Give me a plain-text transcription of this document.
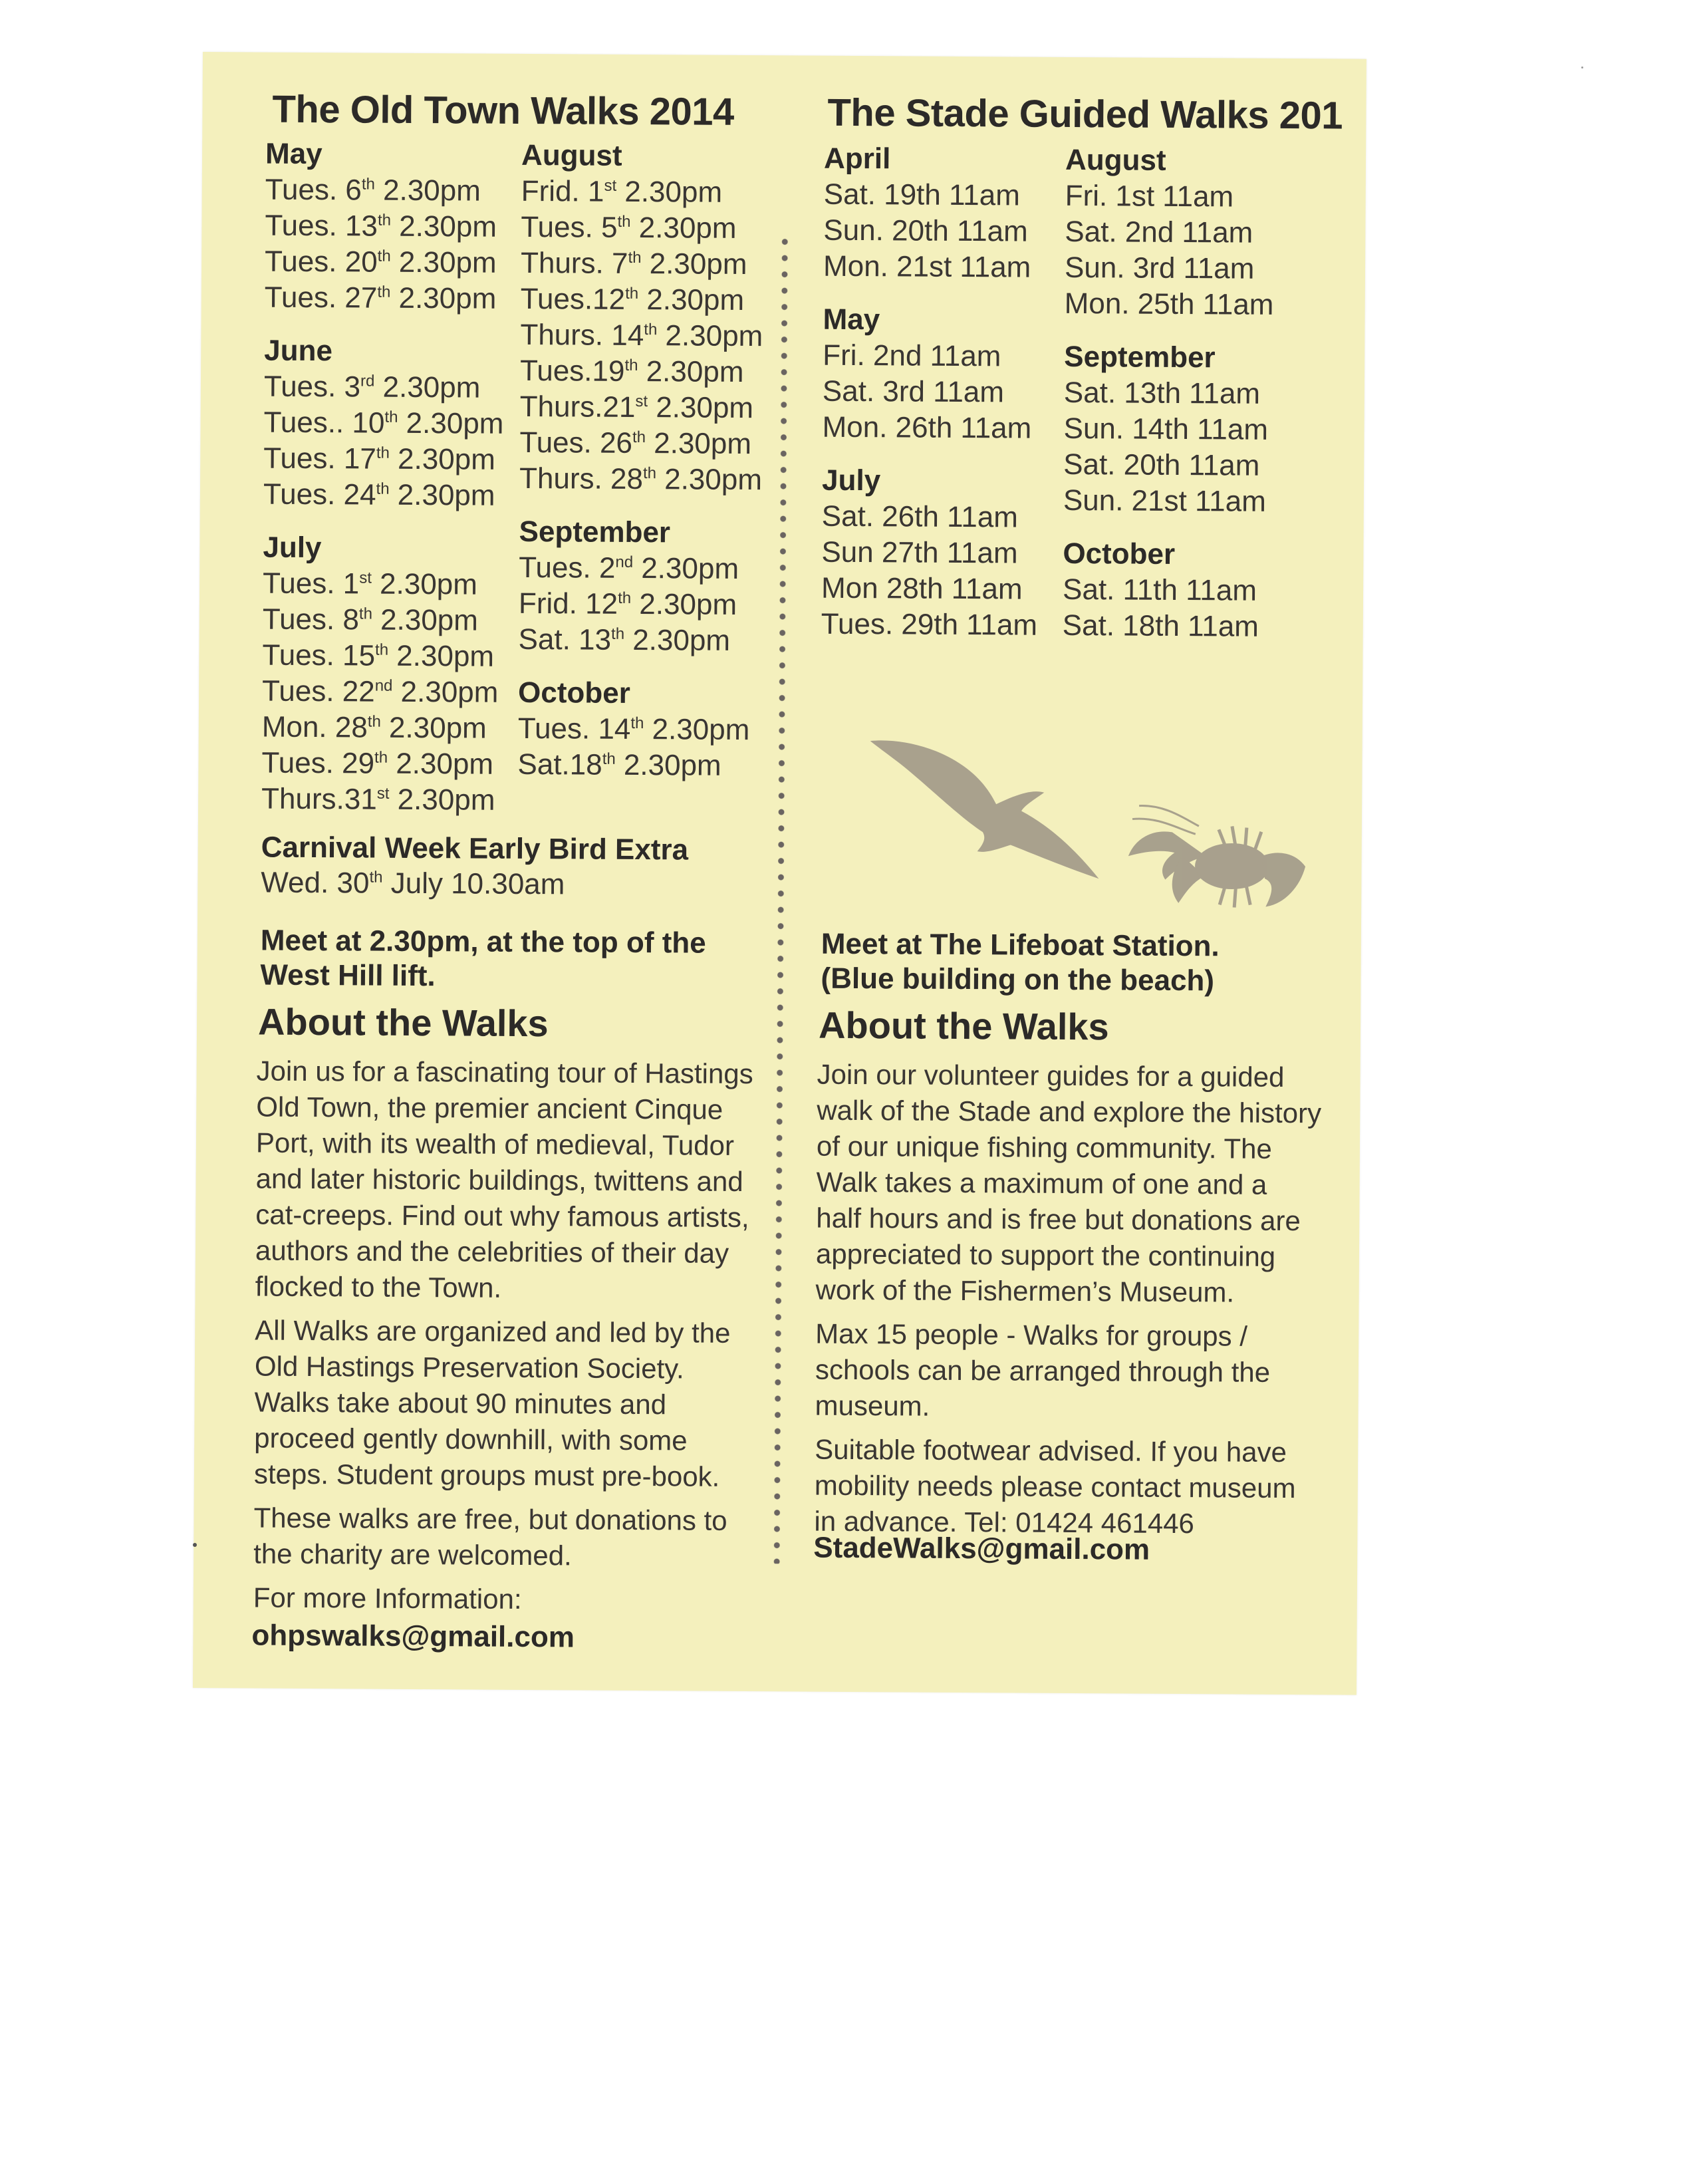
The Old Town Walks 2014
May
Tues. 6th 2.30pm
Tues. 13th 2.30pm
Tues. 20th 2.30pm
Tues. 27th 2.30pm
June
Tues. 3rd 2.30pm
Tues.. 10th 2.30pm
Tues. 17th 2.30pm
Tues. 24th 2.30pm
July
Tues. 1st 2.30pm
Tues. 8th 2.30pm
Tues. 15th 2.30pm
Tues. 22nd 2.30pm
Mon. 28th 2.30pm
Tues. 29th 2.30pm
Thurs.31st 2.30pm
August
Frid. 1st 2.30pm
Tues. 5th 2.30pm
Thurs. 7th 2.30pm
Tues.12th 2.30pm
Thurs. 14th 2.30pm
Tues.19th 2.30pm
Thurs.21st 2.30pm
Tues. 26th 2.30pm
Thurs. 28th 2.30pm
September
Tues. 2nd 2.30pm
Frid. 12th 2.30pm
Sat. 13th 2.30pm
October
Tues. 14th 2.30pm
Sat.18th 2.30pm
Carnival Week Early Bird Extra
Wed. 30th July 10.30am
Meet at 2.30pm, at the top of the
West Hill lift.
About the Walks
Join us for a fascinating tour of Hastings
Old Town, the premier ancient Cinque
Port, with its wealth of medieval, Tudor
and later historic buildings, twittens and
cat-creeps. Find out why famous artists,
authors and the celebrities of their day
flocked to the Town.
All Walks are organized and led by the
Old Hastings Preservation Society.
Walks take about 90 minutes and
proceed gently downhill, with some
steps. Student groups must pre-book.
These walks are free, but donations to
the charity are welcomed.
For more Information:
ohpswalks@gmail.com
The Stade Guided Walks 201
April
Sat. 19th 11am
Sun. 20th 11am
Mon. 21st 11am
May
Fri. 2nd 11am
Sat. 3rd 11am
Mon. 26th 11am
July
Sat. 26th 11am
Sun 27th 11am
Mon 28th 11am
Tues. 29th 11am
August
Fri. 1st 11am
Sat. 2nd 11am
Sun. 3rd 11am
Mon. 25th 11am
September
Sat. 13th 11am
Sun. 14th 11am
Sat. 20th 11am
Sun. 21st 11am
October
Sat. 11th 11am
Sat. 18th 11am
Meet at The Lifeboat Station.
(Blue building on the beach)
About the Walks
Join our volunteer guides for a guided
walk of the Stade and explore the history
of our unique fishing community. The
Walk takes a maximum of one and a
half hours and is free but donations are
appreciated to support the continuing
work of the Fishermen’s Museum.
Max 15 people - Walks for groups /
schools can be arranged through the
museum.
Suitable footwear advised. If you have
mobility needs please contact museum
in advance. Tel: 01424 461446
StadeWalks@gmail.com
